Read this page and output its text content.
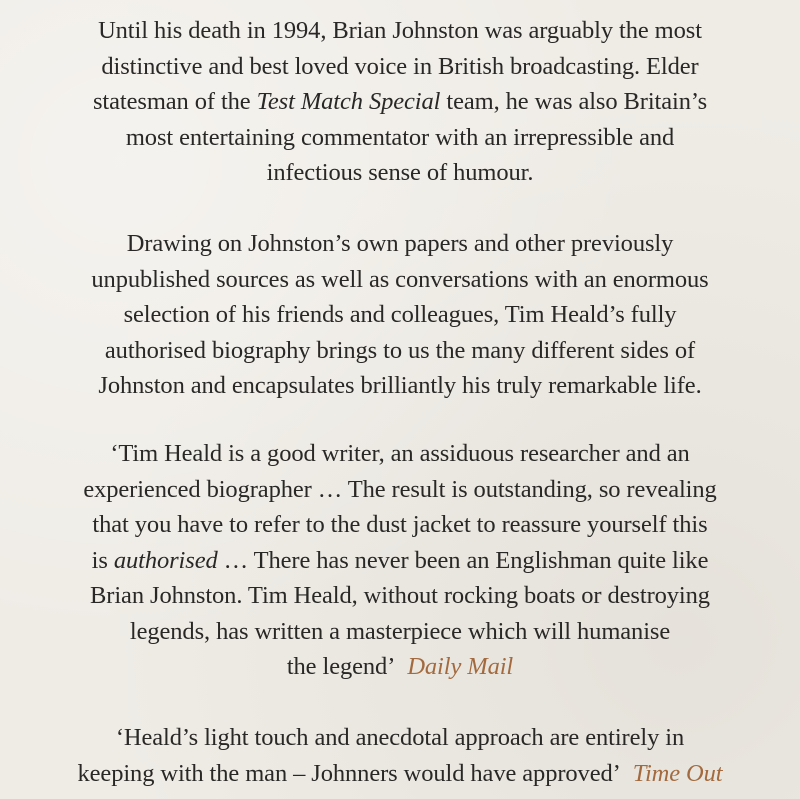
Until his death in 1994, Brian Johnston was arguably the most
distinctive and best loved voice in British broadcasting. Elder
statesman of the Test Match Special team, he was also Britain’s
most entertaining commentator with an irrepressible and
infectious sense of humour.
Drawing on Johnston’s own papers and other previously
unpublished sources as well as conversations with an enormous
selection of his friends and colleagues, Tim Heald’s fully
authorised biography brings to us the many different sides of
Johnston and encapsulates brilliantly his truly remarkable life.
‘Tim Heald is a good writer, an assiduous researcher and an
experienced biographer … The result is outstanding, so revealing
that you have to refer to the dust jacket to reassure yourself this
is authorised … There has never been an Englishman quite like
Brian Johnston. Tim Heald, without rocking boats or destroying
legends, has written a masterpiece which will humanise
the legend’ Daily Mail
‘Heald’s light touch and anecdotal approach are entirely in
keeping with the man – Johnners would have approved’ Time Out
